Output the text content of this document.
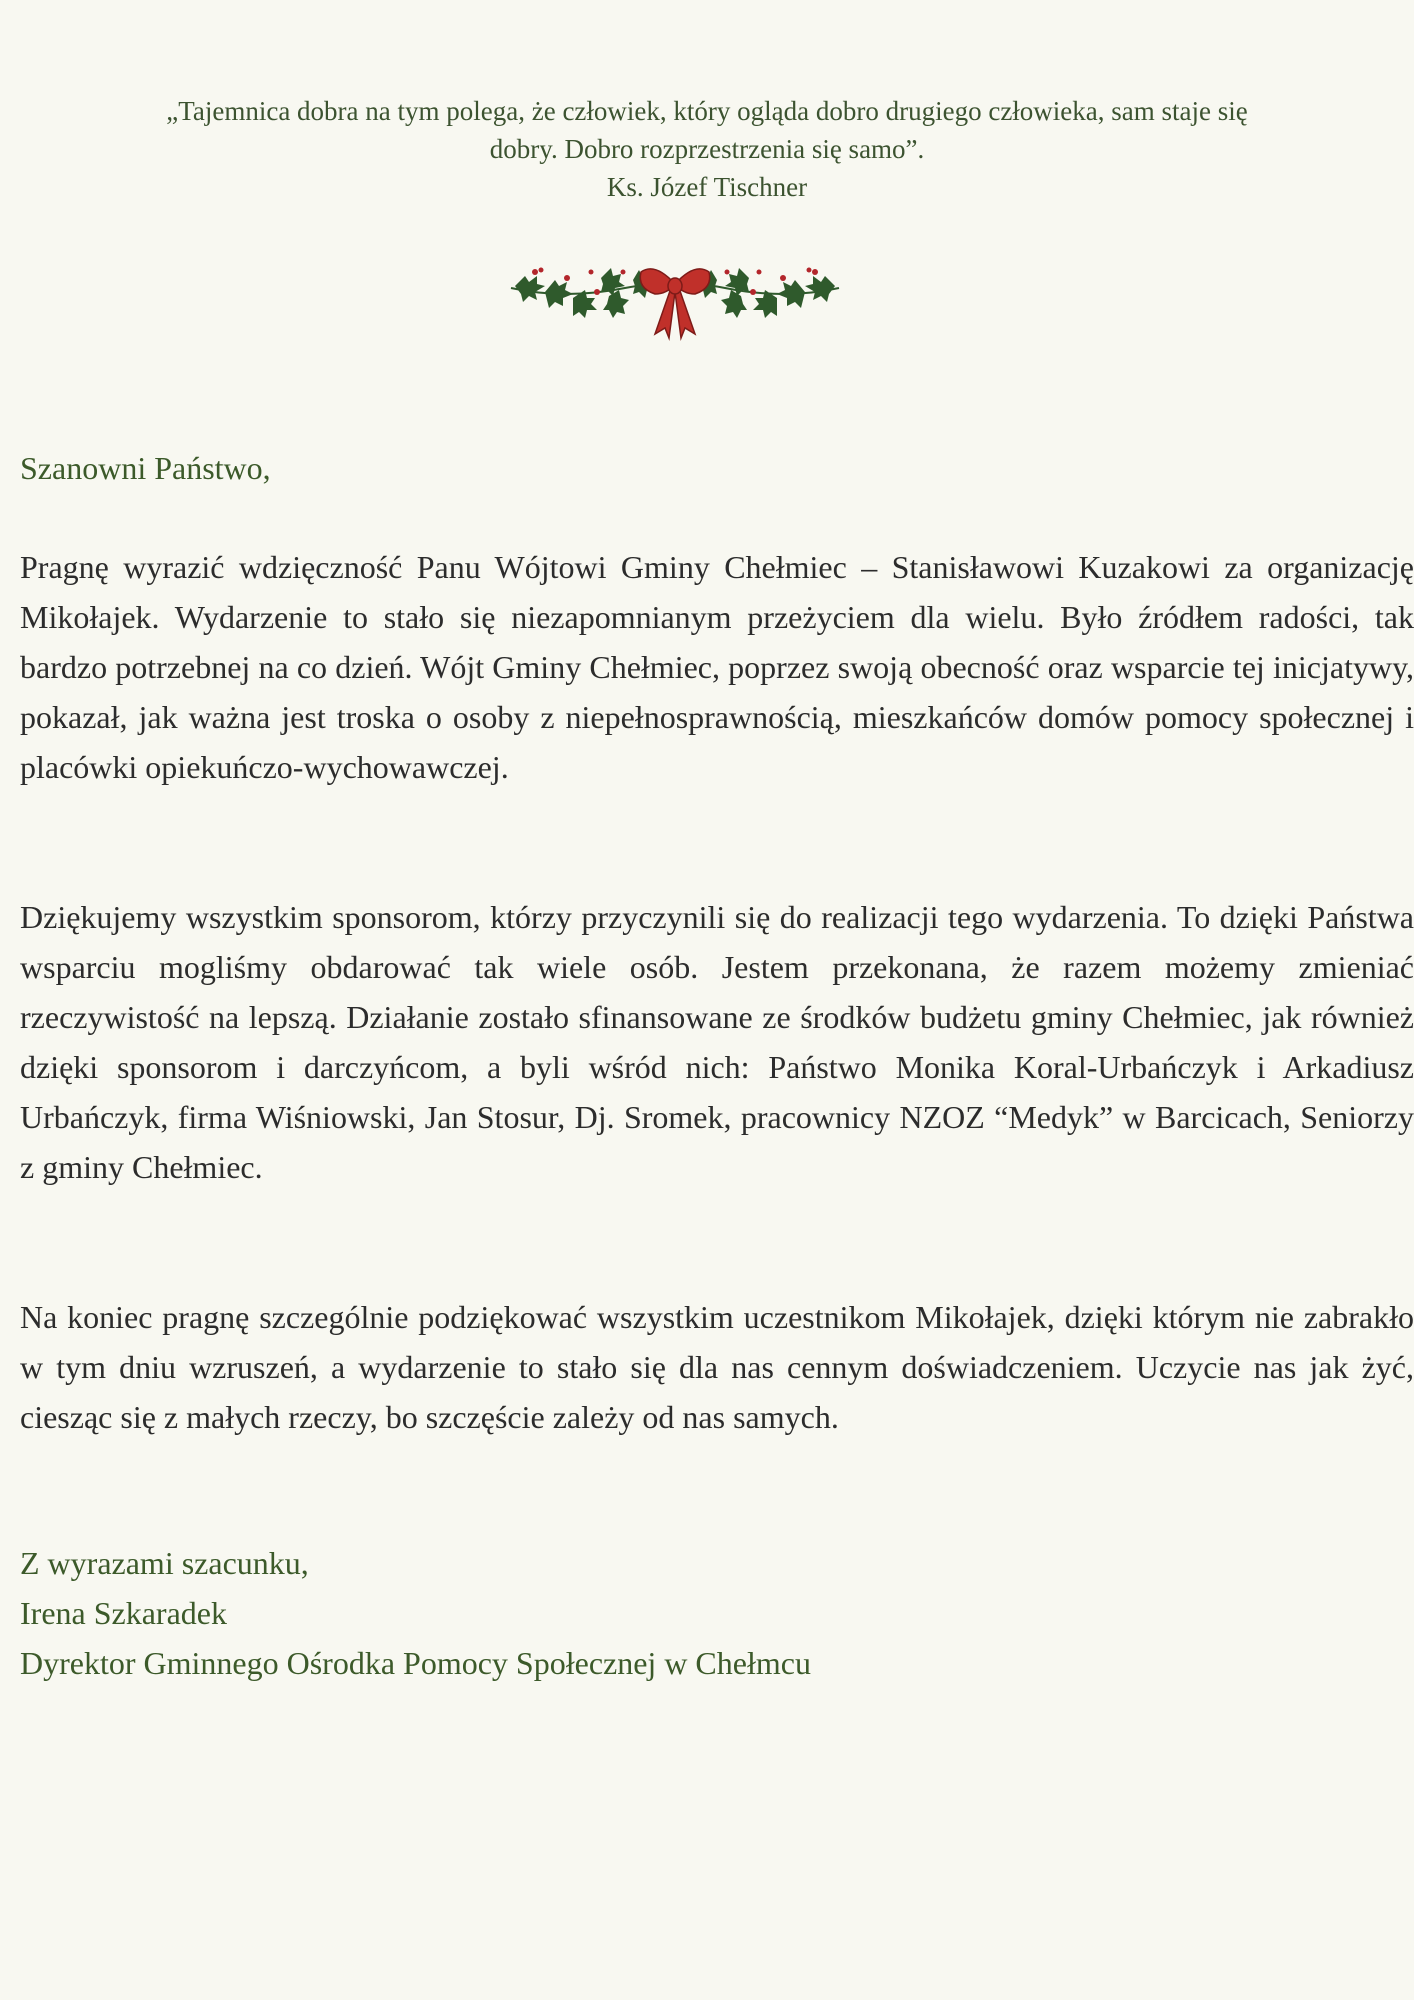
„Tajemnica dobra na tym polega, że człowiek, który ogląda dobro drugiego człowieka, sam staje się
dobry. Dobro rozprzestrzenia się samo”.
Ks. Józef Tischner
Szanowni Państwo,

Pragnę wyrazić wdzięczność Panu Wójtowi Gminy Chełmiec – Stanisławowi Kuzakowi za organizację Mikołajek. Wydarzenie to stało się niezapomnianym przeżyciem dla wielu. Było źródłem radości, tak bardzo potrzebnej na co dzień. Wójt Gminy Chełmiec, poprzez swoją obecność oraz wsparcie tej inicjatywy, pokazał, jak ważna jest troska o osoby z niepełnosprawnością, mieszkańców domów pomocy społecznej i placówki opiekuńczo-wychowawczej.

Dziękujemy wszystkim sponsorom, którzy przyczynili się do realizacji tego wydarzenia. To dzięki Państwa wsparciu mogliśmy obdarować tak wiele osób. Jestem przekonana, że razem możemy zmieniać rzeczywistość na lepszą. Działanie zostało sfinansowane ze środków budżetu gminy Chełmiec, jak również dzięki sponsorom i darczyńcom, a byli wśród nich: Państwo Monika Koral-Urbańczyk i Arkadiusz Urbańczyk, firma Wiśniowski, Jan Stosur, Dj. Sromek, pracownicy NZOZ “Medyk” w Barcicach, Seniorzy z gminy Chełmiec.

Na koniec pragnę szczególnie podziękować wszystkim uczestnikom Mikołajek, dzięki którym nie zabrakło w tym dniu wzruszeń, a wydarzenie to stało się dla nas cennym doświadczeniem. Uczycie nas jak żyć, ciesząc się z małych rzeczy, bo szczęście zależy od nas samych.

Z wyrazami szacunku,
Irena Szkaradek
Dyrektor Gminnego Ośrodka Pomocy Społecznej w Chełmcu
